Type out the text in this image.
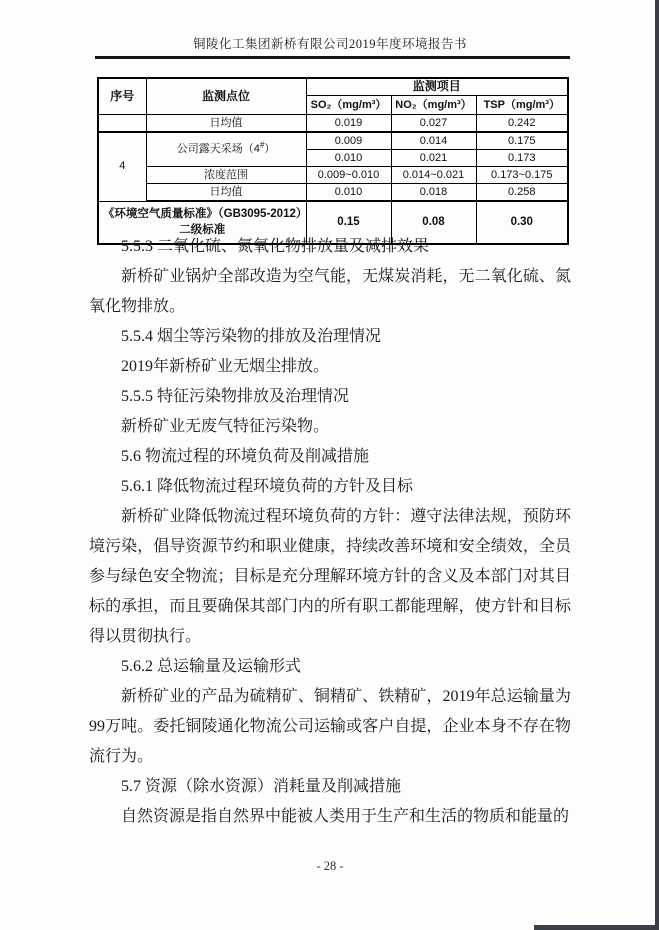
铜陵化工集团新桥有限公司2019年度环境报告书
序号	监测点位	监测项目		
		SO₂（mg/m³）	NO₂（mg/m³）	TSP（mg/m³）
	日均值	0.019	0.027	0.242
4	公司露天采场（4#）	0.009	0.014	0.175
		0.010	0.021	0.173
	浓度范围	0.009~0.010	0.014~0.021	0.173~0.175
	日均值	0.010	0.018	0.258
《环境空气质量标准》（GB3095-2012）二级标准		0.15	0.08	0.30

5.5.3 二氧化硫、氮氧化物排放量及减排效果

新桥矿业锅炉全部改造为空气能，无煤炭消耗，无二氧化硫、氮氧化物排放。

5.5.4 烟尘等污染物的排放及治理情况

2019年新桥矿业无烟尘排放。

5.5.5 特征污染物排放及治理情况

新桥矿业无废气特征污染物。

5.6 物流过程的环境负荷及削减措施

5.6.1 降低物流过程环境负荷的方针及目标

新桥矿业降低物流过程环境负荷的方针：遵守法律法规，预防环境污染，倡导资源节约和职业健康，持续改善环境和安全绩效，全员参与绿色安全物流；目标是充分理解环境方针的含义及本部门对其目标的承担，而且要确保其部门内的所有职工都能理解，使方针和目标得以贯彻执行。

5.6.2 总运输量及运输形式

新桥矿业的产品为硫精矿、铜精矿、铁精矿，2019年总运输量为99万吨。委托铜陵通化物流公司运输或客户自提，企业本身不存在物流行为。

5.7 资源（除水资源）消耗量及削减措施

自然资源是指自然界中能被人类用于生产和生活的物质和能量的

- 28 -
